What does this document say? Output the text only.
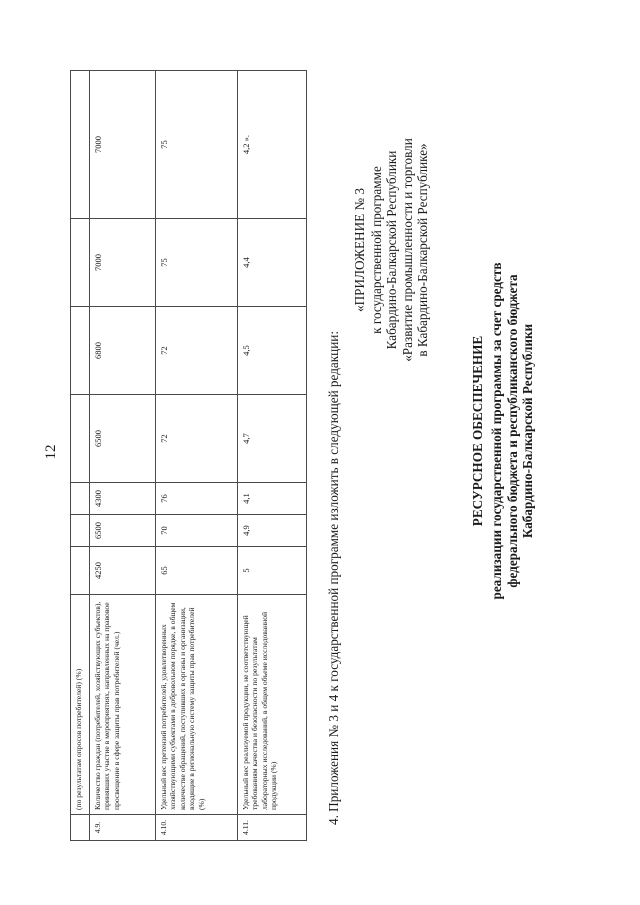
12
	(по результатам опросов потребителей) (%)							
4.9.	Количество граждан (потребителей, хозяйствующих субъектов), принявших участие в мероприятиях, направленных на правовое просвещение в сфере защиты прав потребителей (чел.)	4250	6500	4300	6500	6800	7000	7000
4.10.	Удельный вес претензий потребителей, удовлетворенных хозяйствующими субъектами в добровольном порядке, в общем количестве обращений, поступивших в органы и организации, входящие в региональную систему защиты прав потребителей (%)	65	70	76	72	72	75	75
4.11.	Удельный вес реализуемой продукции, не соответствующей требованиям качества и безопасности по результатам лабораторных исследований, в общем объеме исследованной продукции (%)	5	4,9	4,1	4,7	4,5	4,4	4,2 ».
4. Приложения № 3 и 4 к государственной программе изложить в следующей редакции:
«ПРИЛОЖЕНИЕ № 3 к государственной программе Кабардино-Балкарской Республики «Развитие промышленности и торговли в Кабардино-Балкарской Республике»
РЕСУРСНОЕ ОБЕСПЕЧЕНИЕ реализации государственной программы за счет средств федерального бюджета и республиканского бюджета Кабардино-Балкарской Республики
